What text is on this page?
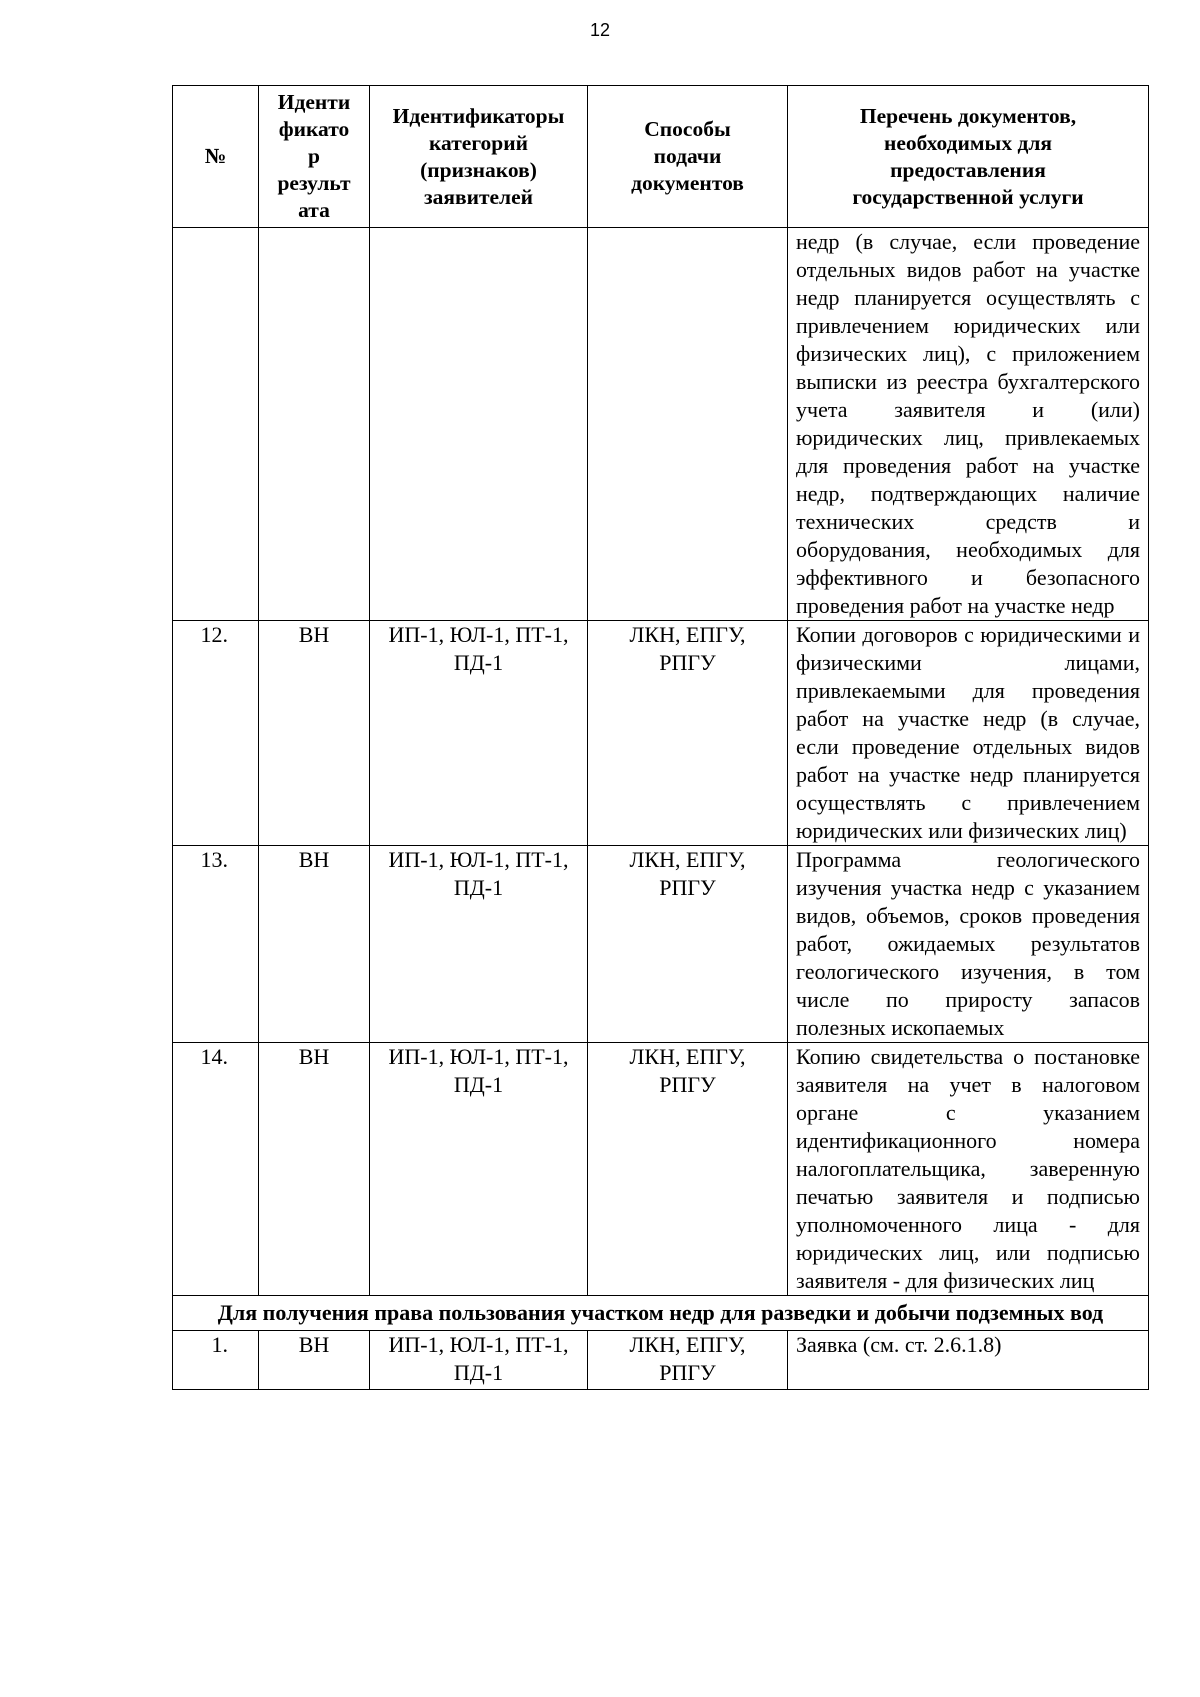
12
№	Иденти фикато р результ ата	Идентификаторы категорий (признаков) заявителей	Способы подачи документов	Перечень документов, необходимых для предоставления государственной услуги
				недр (в случае, если проведение отдельных видов работ на участке недр планируется осуществлять с привлечением юридических или физических лиц), с приложением выписки из реестра бухгалтерского учета заявителя и (или) юридических лиц, привлекаемых для проведения работ на участке недр, подтверждающих наличие технических средств и оборудования, необходимых для эффективного и безопасного проведения работ на участке недр
12.	ВН	ИП-1, ЮЛ-1, ПТ-1, ПД-1	ЛКН, ЕПГУ, РПГУ	Копии договоров с юридическими и физическими лицами, привлекаемыми для проведения работ на участке недр (в случае, если проведение отдельных видов работ на участке недр планируется осуществлять с привлечением юридических или физических лиц)
13.	ВН	ИП-1, ЮЛ-1, ПТ-1, ПД-1	ЛКН, ЕПГУ, РПГУ	Программа геологического изучения участка недр с указанием видов, объемов, сроков проведения работ, ожидаемых результатов геологического изучения, в том числе по приросту запасов полезных ископаемых
14.	ВН	ИП-1, ЮЛ-1, ПТ-1, ПД-1	ЛКН, ЕПГУ, РПГУ	Копию свидетельства о постановке заявителя на учет в налоговом органе с указанием идентификационного номера налогоплательщика, заверенную печатью заявителя и подписью уполномоченного лица - для юридических лиц, или подписью заявителя - для физических лиц
Для получения права пользования участком недр для разведки и добычи подземных вод				
1.	ВН	ИП-1, ЮЛ-1, ПТ-1, ПД-1	ЛКН, ЕПГУ, РПГУ	Заявка (см. ст. 2.6.1.8)
